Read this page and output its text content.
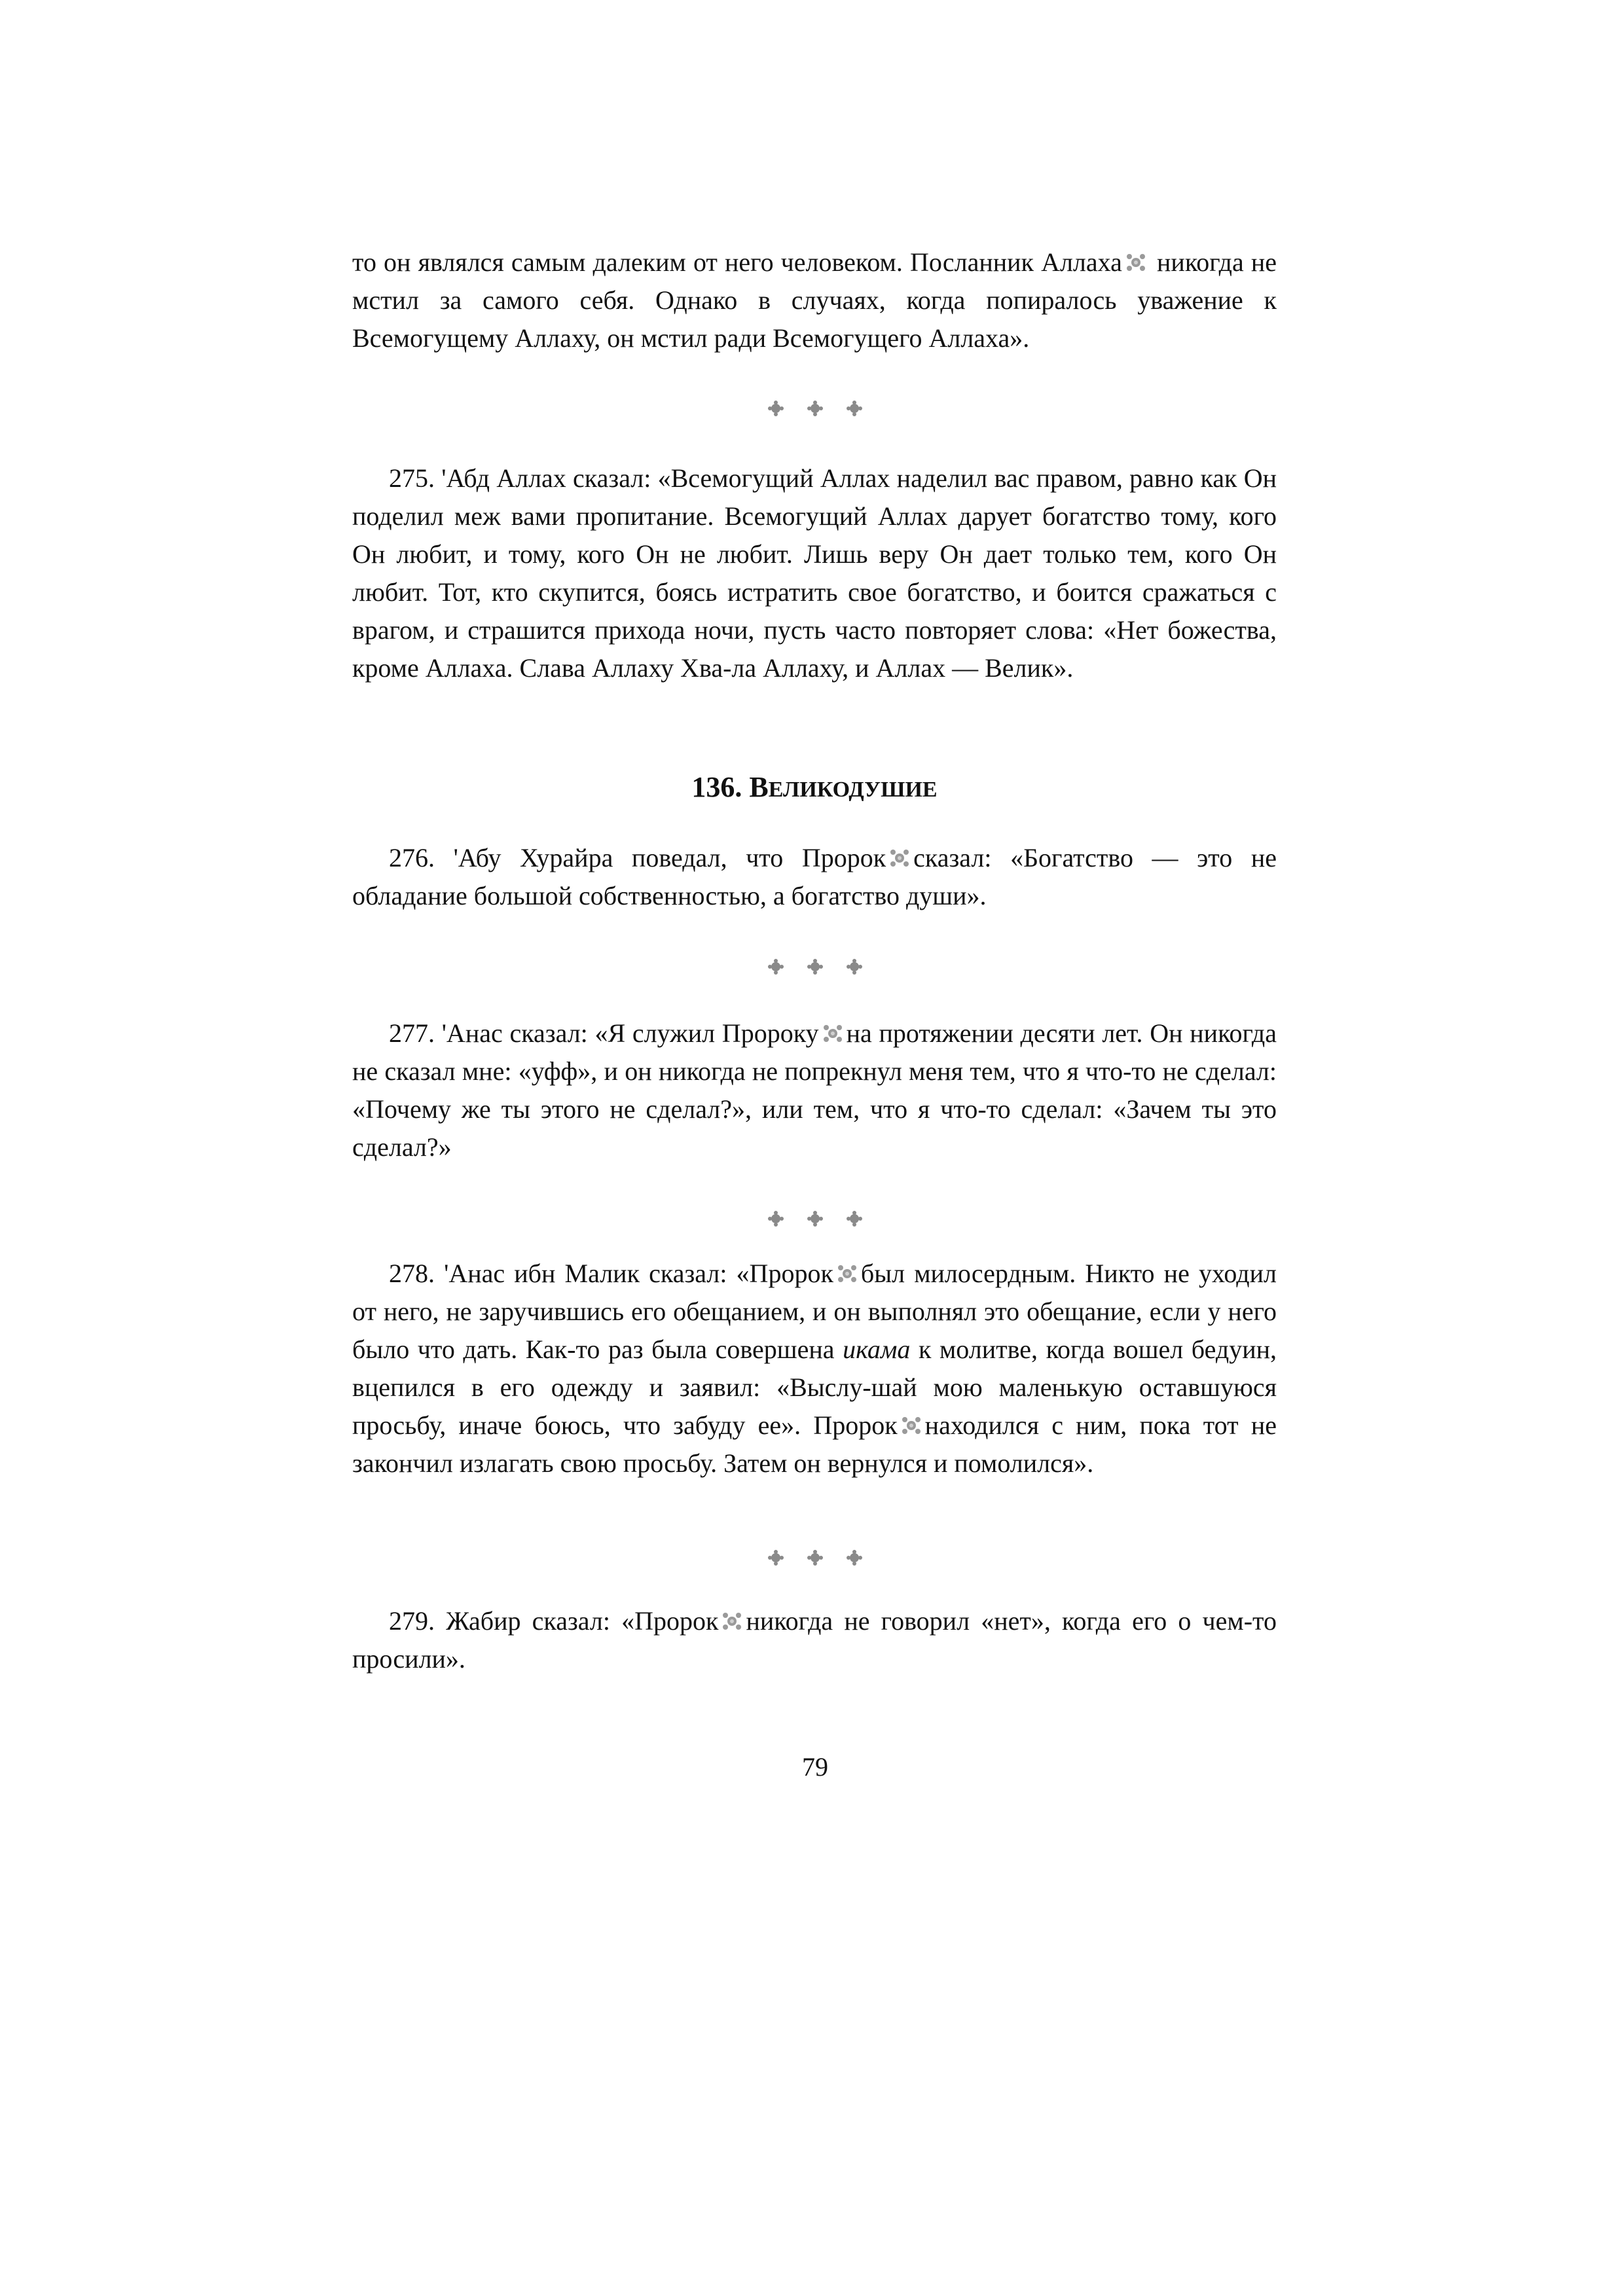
то он являлся самым далеким от него человеком. Посланник Аллаха никогда не мстил за самого себя. Однако в случаях, когда попиралось уважение к Всемогущему Аллаху, он мстил ради Всемогущего Аллаха».

275. 'Абд Аллах сказал: «Всемогущий Аллах наделил вас правом, равно как Он поделил меж вами пропитание. Всемогущий Аллах дарует богатство тому, кого Он любит, и тому, кого Он не любит. Лишь веру Он дает только тем, кого Он любит. Тот, кто скупится, боясь истратить свое богатство, и боится сражаться с врагом, и страшится прихода ночи, пусть часто повторяет слова: «Нет божества, кроме Аллаха. Слава Аллаху Хва-ла Аллаху, и Аллах — Велик».

136. ВЕЛИКОДУШИЕ

276. 'Абу Хурайра поведал, что Пророк сказал: «Богатство — это не обладание большой собственностью, а богатство души».

277. 'Анас сказал: «Я служил Пророку на протяжении десяти лет. Он никогда не сказал мне: «уфф», и он никогда не попрекнул меня тем, что я что-то не сделал: «Почему же ты этого не сделал?», или тем, что я что-то сделал: «Зачем ты это сделал?»

278. 'Анас ибн Малик сказал: «Пророк был милосердным. Никто не уходил от него, не заручившись его обещанием, и он выполнял это обещание, если у него было что дать. Как-то раз была совершена икама к молитве, когда вошел бедуин, вцепился в его одежду и заявил: «Выслу-шай мою маленькую оставшуюся просьбу, иначе боюсь, что забуду ее». Пророк находился с ним, пока тот не закончил излагать свою просьбу. Затем он вернулся и помолился».

279. Жабир сказал: «Пророк никогда не говорил «нет», когда его о чем-то просили».

79
